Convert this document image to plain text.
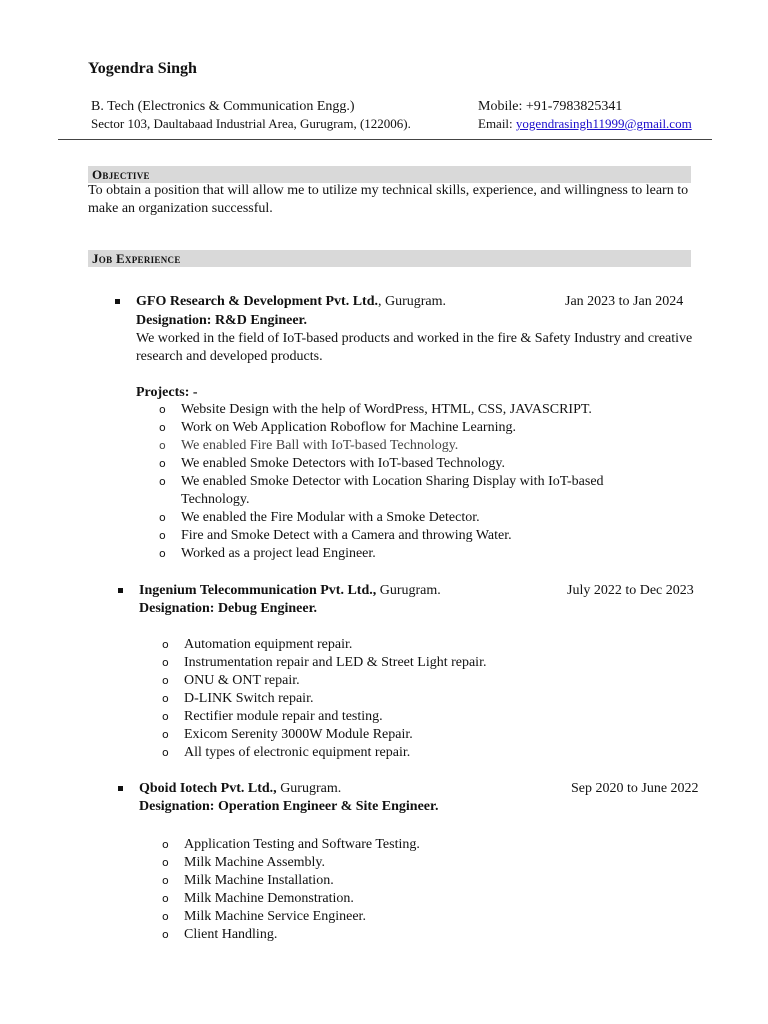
Yogendra Singh
B. Tech (Electronics & Communication Engg.)
Sector 103, Daultabaad Industrial Area, Gurugram, (122006).
Mobile: +91-7983825341
Email: yogendrasingh11999@gmail.com
Objective
To obtain a position that will allow me to utilize my technical skills, experience, and willingness to learn to make an organization successful.
Job Experience
GFO Research & Development Pvt. Ltd., Gurugram.	Jan 2023 to Jan 2024
Designation: R&D Engineer.
We worked in the field of IoT-based products and worked in the fire & Safety Industry and creative research and developed products.
Projects: -
o Website Design with the help of WordPress, HTML, CSS, JAVASCRIPT.
o Work on Web Application Roboflow for Machine Learning.
o We enabled Fire Ball with IoT-based Technology.
o We enabled Smoke Detectors with IoT-based Technology.
o We enabled Smoke Detector with Location Sharing Display with IoT-based Technology.
o We enabled the Fire Modular with a Smoke Detector.
o Fire and Smoke Detect with a Camera and throwing Water.
o Worked as a project lead Engineer.
Ingenium Telecommunication Pvt. Ltd., Gurugram.	July 2022 to Dec 2023
Designation: Debug Engineer.
o Automation equipment repair.
o Instrumentation repair and LED & Street Light repair.
o ONU & ONT repair.
o D-LINK Switch repair.
o Rectifier module repair and testing.
o Exicom Serenity 3000W Module Repair.
o All types of electronic equipment repair.
Qboid Iotech Pvt. Ltd., Gurugram.	Sep 2020 to June 2022
Designation: Operation Engineer & Site Engineer.
o Application Testing and Software Testing.
o Milk Machine Assembly.
o Milk Machine Installation.
o Milk Machine Demonstration.
o Milk Machine Service Engineer.
o Client Handling.
